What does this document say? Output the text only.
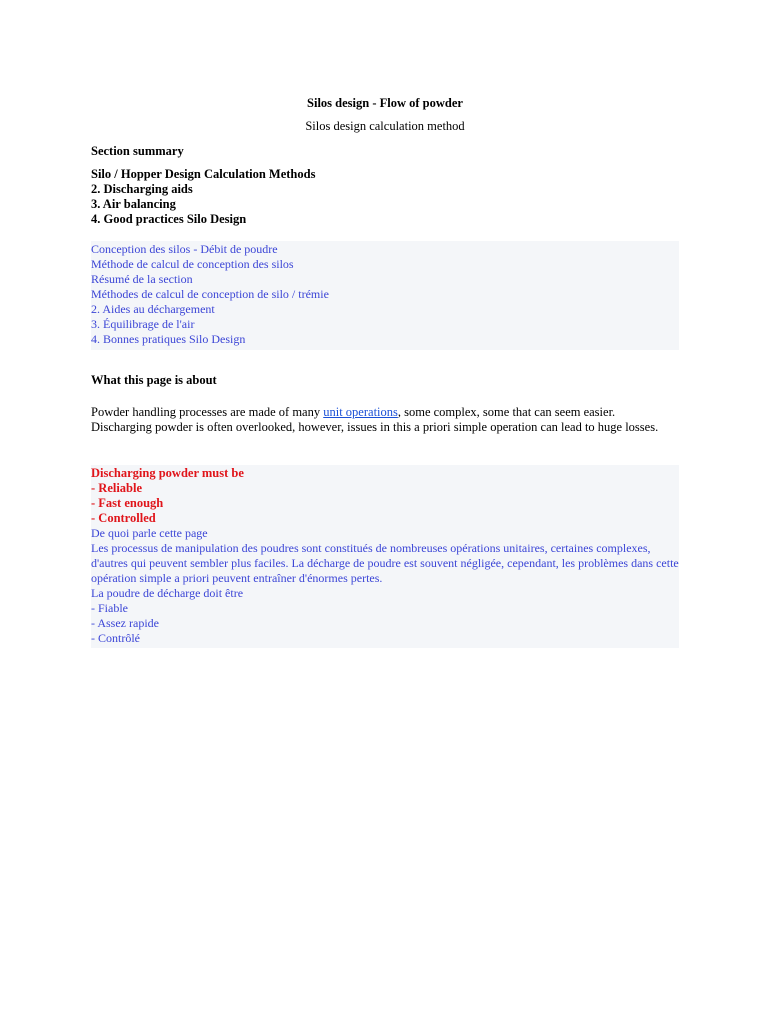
Silos design - Flow of powder
Silos design calculation method
Section summary
Silo / Hopper Design Calculation Methods
2. Discharging aids
3. Air balancing
4. Good practices Silo Design
Conception des silos - Débit de poudre
Méthode de calcul de conception des silos
Résumé de la section
Méthodes de calcul de conception de silo / trémie
2. Aides au déchargement
3. Équilibrage de l'air
4. Bonnes pratiques Silo Design
What this page is about
Powder handling processes are made of many unit operations, some complex, some that can seem easier. Discharging powder is often overlooked, however, issues in this a priori simple operation can lead to huge losses.
Discharging powder must be
- Reliable
- Fast enough
- Controlled
De quoi parle cette page
Les processus de manipulation des poudres sont constitués de nombreuses opérations unitaires, certaines complexes, d'autres qui peuvent sembler plus faciles. La décharge de poudre est souvent négligée, cependant, les problèmes dans cette opération simple a priori peuvent entraîner d'énormes pertes.
La poudre de décharge doit être
- Fiable
- Assez rapide
- Contrôlé
